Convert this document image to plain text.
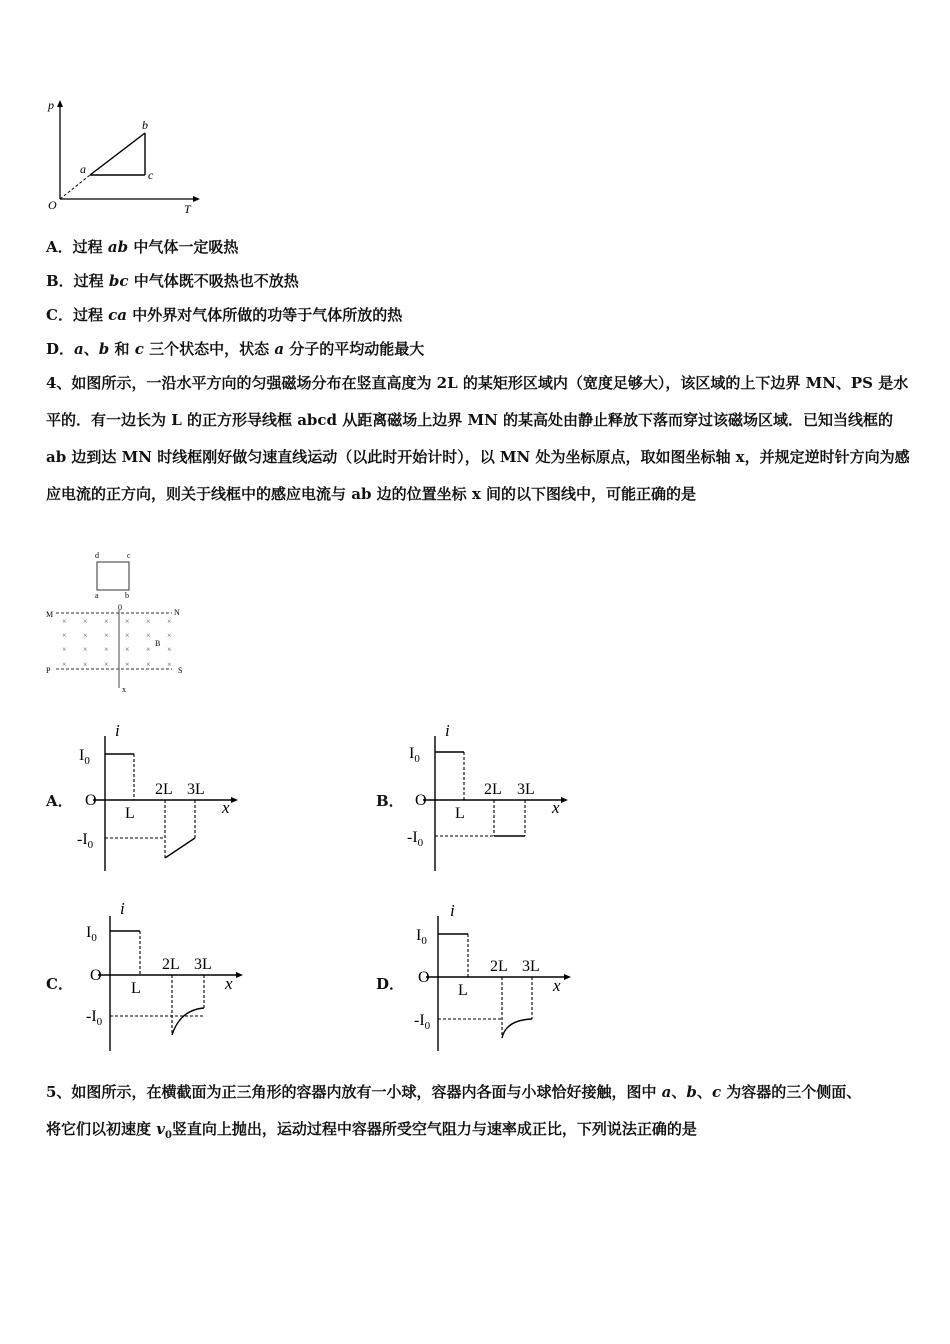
p
T
O
a
b
c
A．过程 ab 中气体一定吸热
B．过程 bc 中气体既不吸热也不放热
C．过程 ca 中外界对气体所做的功等于气体所放的热
D．a、b 和 c 三个状态中，状态 a 分子的平均动能最大
4、如图所示，一沿水平方向的匀强磁场分布在竖直高度为 2L 的某矩形区域内（宽度足够大），该区域的上下边界 MN、PS 是水平的．有一边长为 L 的正方形导线框 abcd 从距离磁场上边界 MN 的某高处由静止释放下落而穿过该磁场区域．已知当线框的 ab 边到达 MN 时线框刚好做匀速直线运动（以此时开始计时），以 MN 处为坐标原点，取如图坐标轴 x，并规定逆时针方向为感应电流的正方向，则关于线框中的感应电流与 ab 边的位置坐标 x 间的以下图线中，可能正确的是
d	c
a	b
M	N
P	S
0
B
x
× × × × × ×
× × × × × ×
× × × × × ×
× × × × × ×
A．
i
$I_0$
O
L
2L 3L
x
$-I_0$
B．
i
$I_0$
O
L
2L 3L
x
$-I_0$
C．
i
$I_0$
O
L
2L 3L
x
$-I_0$
D．
i
$I_0$
O
L
2L 3L
x
$-I_0$
5、如图所示，在横截面为正三角形的容器内放有一小球，容器内各面与小球恰好接触，图中 a、b、c 为容器的三个侧面、
将它们以初速度 $v_0$竖直向上抛出，运动过程中容器所受空气阻力与速率成正比，下列说法正确的是
